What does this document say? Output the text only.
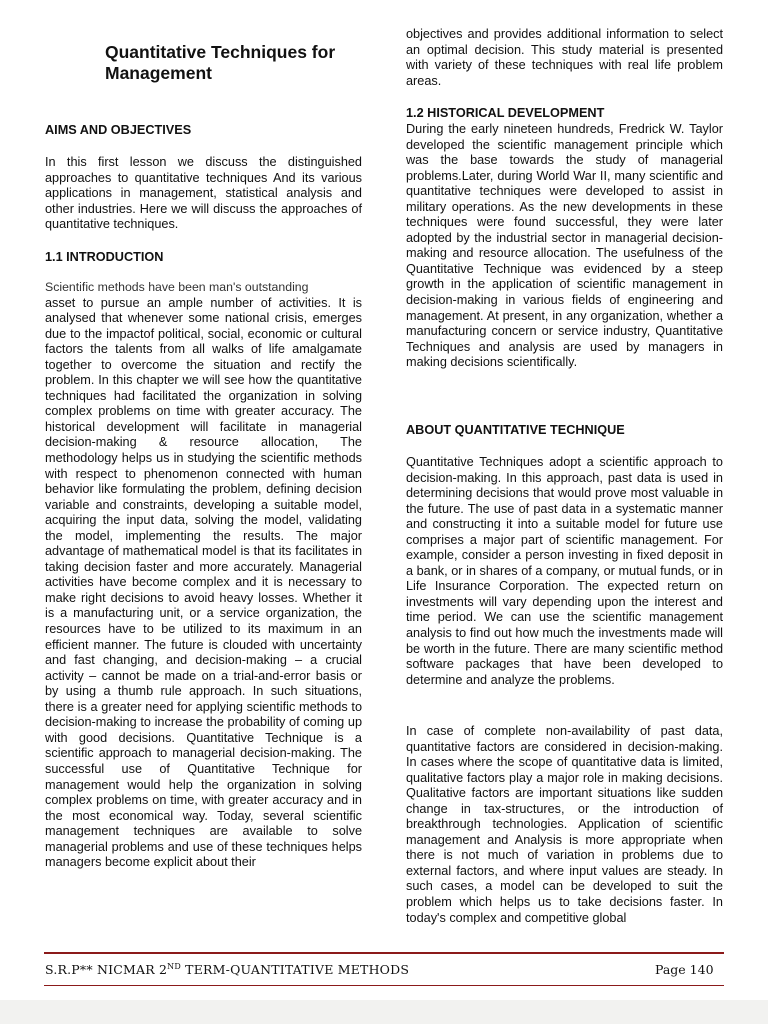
Quantitative Techniques for Management
AIMS AND OBJECTIVES

In this first lesson we discuss the distinguished approaches to quantitative techniques And its various applications in management, statistical analysis and other industries. Here we will discuss the approaches of quantitative techniques.

1.1 INTRODUCTION

Scientific methods have been man's outstanding

asset to pursue an ample number of activities. It is analysed that whenever some national crisis, emerges due to the impactof political, social, economic or cultural factors the talents from all walks of life amalgamate together to overcome the situation and rectify the problem. In this chapter we will see how the quantitative techniques had facilitated the organization in solving complex problems on time with greater accuracy. The historical development will facilitate in managerial decision-making & resource allocation, The methodology helps us in studying the scientific methods with respect to phenomenon connected with human behavior like formulating the problem, defining decision variable and constraints, developing a suitable model, acquiring the input data, solving the model, validating the model, implementing the results. The major advantage of mathematical model is that its facilitates in taking decision faster and more accurately. Managerial activities have become complex and it is necessary to make right decisions to avoid heavy losses. Whether it is a manufacturing unit, or a service organization, the resources have to be utilized to its maximum in an efficient manner. The future is clouded with uncertainty and fast changing, and decision-making – a crucial activity – cannot be made on a trial-and-error basis or by using a thumb rule approach. In such situations, there is a greater need for applying scientific methods to decision-making to increase the probability of coming up with good decisions. Quantitative Technique is a scientific approach to managerial decision-making. The successful use of Quantitative Technique for management would help the organization in solving complex problems on time, with greater accuracy and in the most economical way. Today, several scientific management techniques are available to solve managerial problems and use of these techniques helps managers become explicit about their

objectives and provides additional information to select an optimal decision. This study material is presented with variety of these techniques with real life problem areas.

1.2 HISTORICAL DEVELOPMENT

During the early nineteen hundreds, Fredrick W. Taylor developed the scientific management principle which was the base towards the study of managerial problems.Later, during World War II, many scientific and quantitative techniques were developed to assist in military operations. As the new developments in these techniques were found successful, they were later adopted by the industrial sector in managerial decision-making and resource allocation. The usefulness of the Quantitative Technique was evidenced by a steep growth in the application of scientific management in decision-making in various fields of engineering and management. At present, in any organization, whether a manufacturing concern or service industry, Quantitative Techniques and analysis are used by managers in making decisions scientifically.

ABOUT QUANTITATIVE TECHNIQUE

Quantitative Techniques adopt a scientific approach to decision-making. In this approach, past data is used in determining decisions that would prove most valuable in the future. The use of past data in a systematic manner and constructing it into a suitable model for future use comprises a major part of scientific management. For example, consider a person investing in fixed deposit in a bank, or in shares of a company, or mutual funds, or in Life Insurance Corporation. The expected return on investments will vary depending upon the interest and time period. We can use the scientific management analysis to find out how much the investments made will be worth in the future. There are many scientific method software packages that have been developed to determine and analyze the problems.

In case of complete non-availability of past data, quantitative factors are considered in decision-making. In cases where the scope of quantitative data is limited, qualitative factors play a major role in making decisions. Qualitative factors are important situations like sudden change in tax-structures, or the introduction of breakthrough technologies. Application of scientific management and Analysis is more appropriate when there is not much of variation in problems due to external factors, and where input values are steady. In such cases, a model can be developed to suit the problem which helps us to take decisions faster. In today's complex and competitive global

S.R.P** NICMAR 2ND TERM-QUANTITATIVE METHODS	Page 140
